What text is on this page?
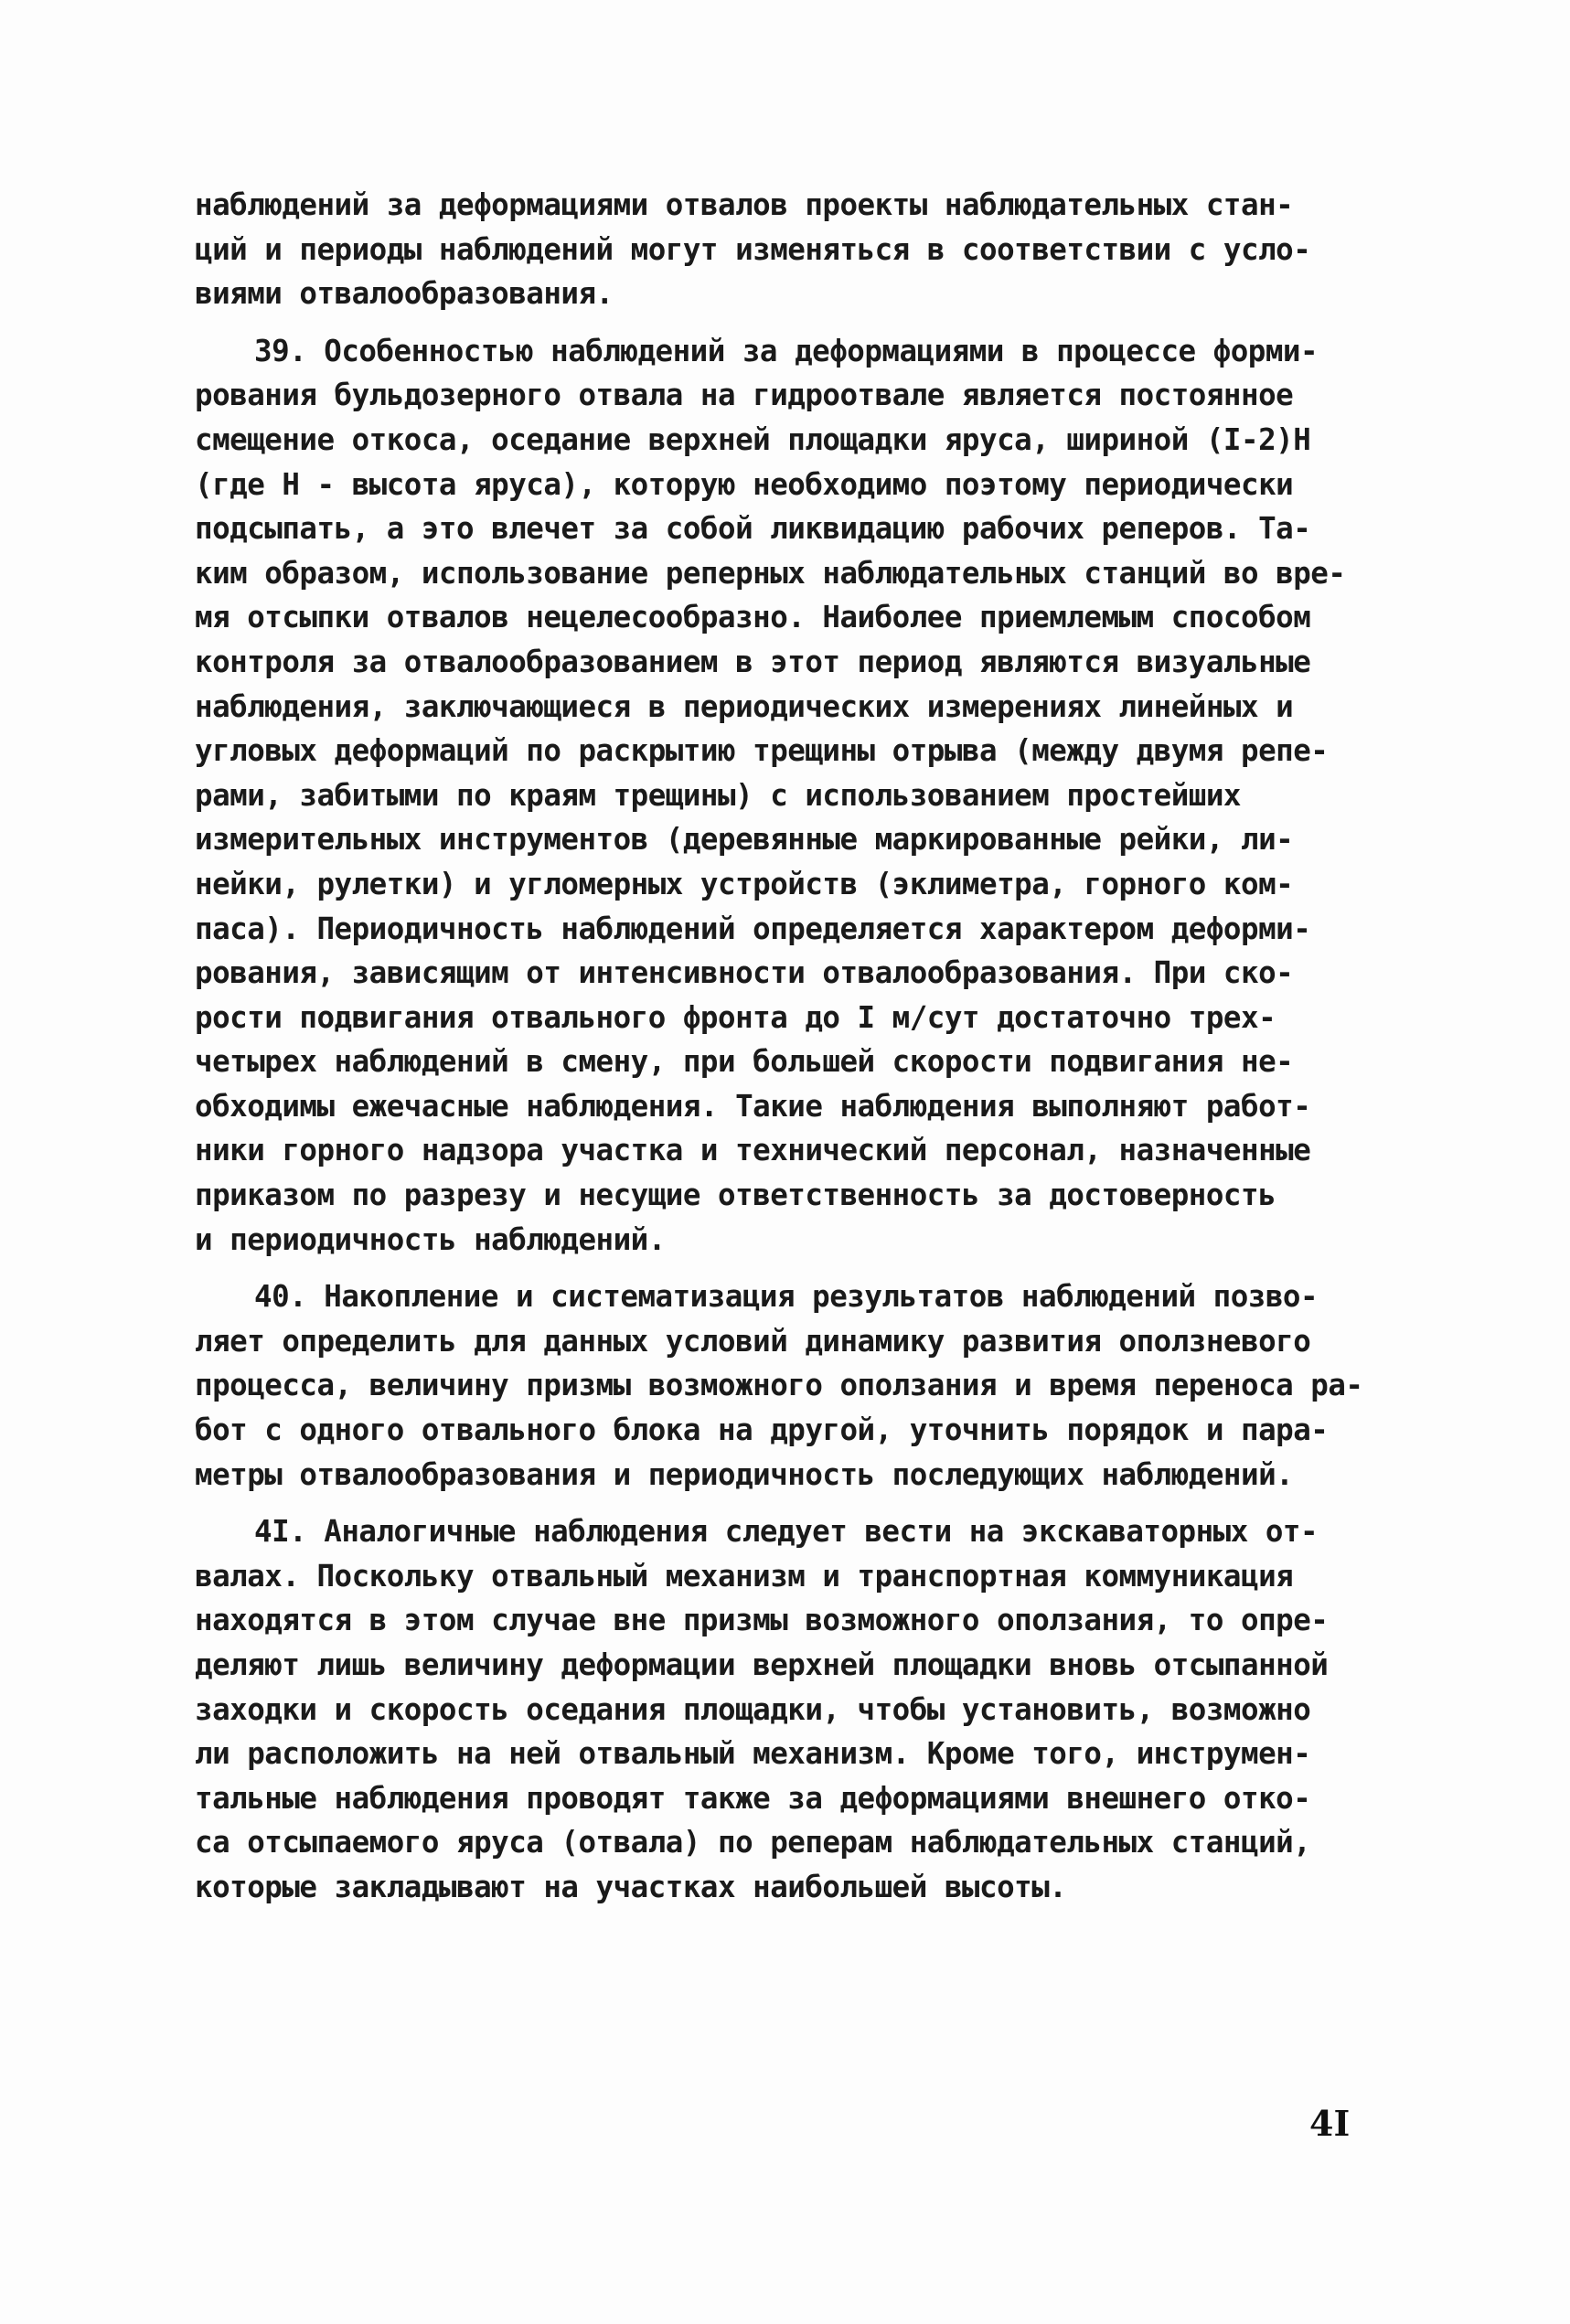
наблюдений за деформациями отвалов проекты наблюдательных стан-
ций и периоды наблюдений могут изменяться в соответствии с усло-
виями отвалообразования.
39. Особенностью наблюдений за деформациями в процессе форми-
рования бульдозерного отвала на гидроотвале является постоянное
смещение откоса, оседание верхней площадки яруса, шириной (I-2)Н
(где Н - высота яруса), которую необходимо поэтому периодически
подсыпать, а это влечет за собой ликвидацию рабочих реперов. Та-
ким образом, использование реперных наблюдательных станций во вре-
мя отсыпки отвалов нецелесообразно. Наиболее приемлемым способом
контроля за отвалообразованием в этот период являются визуальные
наблюдения, заключающиеся в периодических измерениях линейных и
угловых деформаций по раскрытию трещины отрыва (между двумя репе-
рами, забитыми по краям трещины) с использованием простейших
измерительных инструментов (деревянные маркированные рейки, ли-
нейки, рулетки) и угломерных устройств (эклиметра, горного ком-
паса). Периодичность наблюдений определяется характером деформи-
рования, зависящим от интенсивности отвалообразования. При ско-
рости подвигания отвального фронта до I м/сут достаточно трех-
четырех наблюдений в смену, при большей скорости подвигания не-
обходимы ежечасные наблюдения. Такие наблюдения выполняют работ-
ники горного надзора участка и технический персонал, назначенные
приказом по разрезу и несущие ответственность за достоверность
и периодичность наблюдений.
40. Накопление и систематизация результатов наблюдений позво-
ляет определить для данных условий динамику развития оползневого
процесса, величину призмы возможного оползания и время переноса ра-
бот с одного отвального блока на другой, уточнить порядок и пара-
метры отвалообразования и периодичность последующих наблюдений.
4I. Аналогичные наблюдения следует вести на экскаваторных от-
валах. Поскольку отвальный механизм и транспортная коммуникация
находятся в этом случае вне призмы возможного оползания, то опре-
деляют лишь величину деформации верхней площадки вновь отсыпанной
заходки и скорость оседания площадки, чтобы установить, возможно
ли расположить на ней отвальный механизм. Кроме того, инструмен-
тальные наблюдения проводят также за деформациями внешнего отко-
са отсыпаемого яруса (отвала) по реперам наблюдательных станций,
которые закладывают на участках наибольшей высоты.
4I
